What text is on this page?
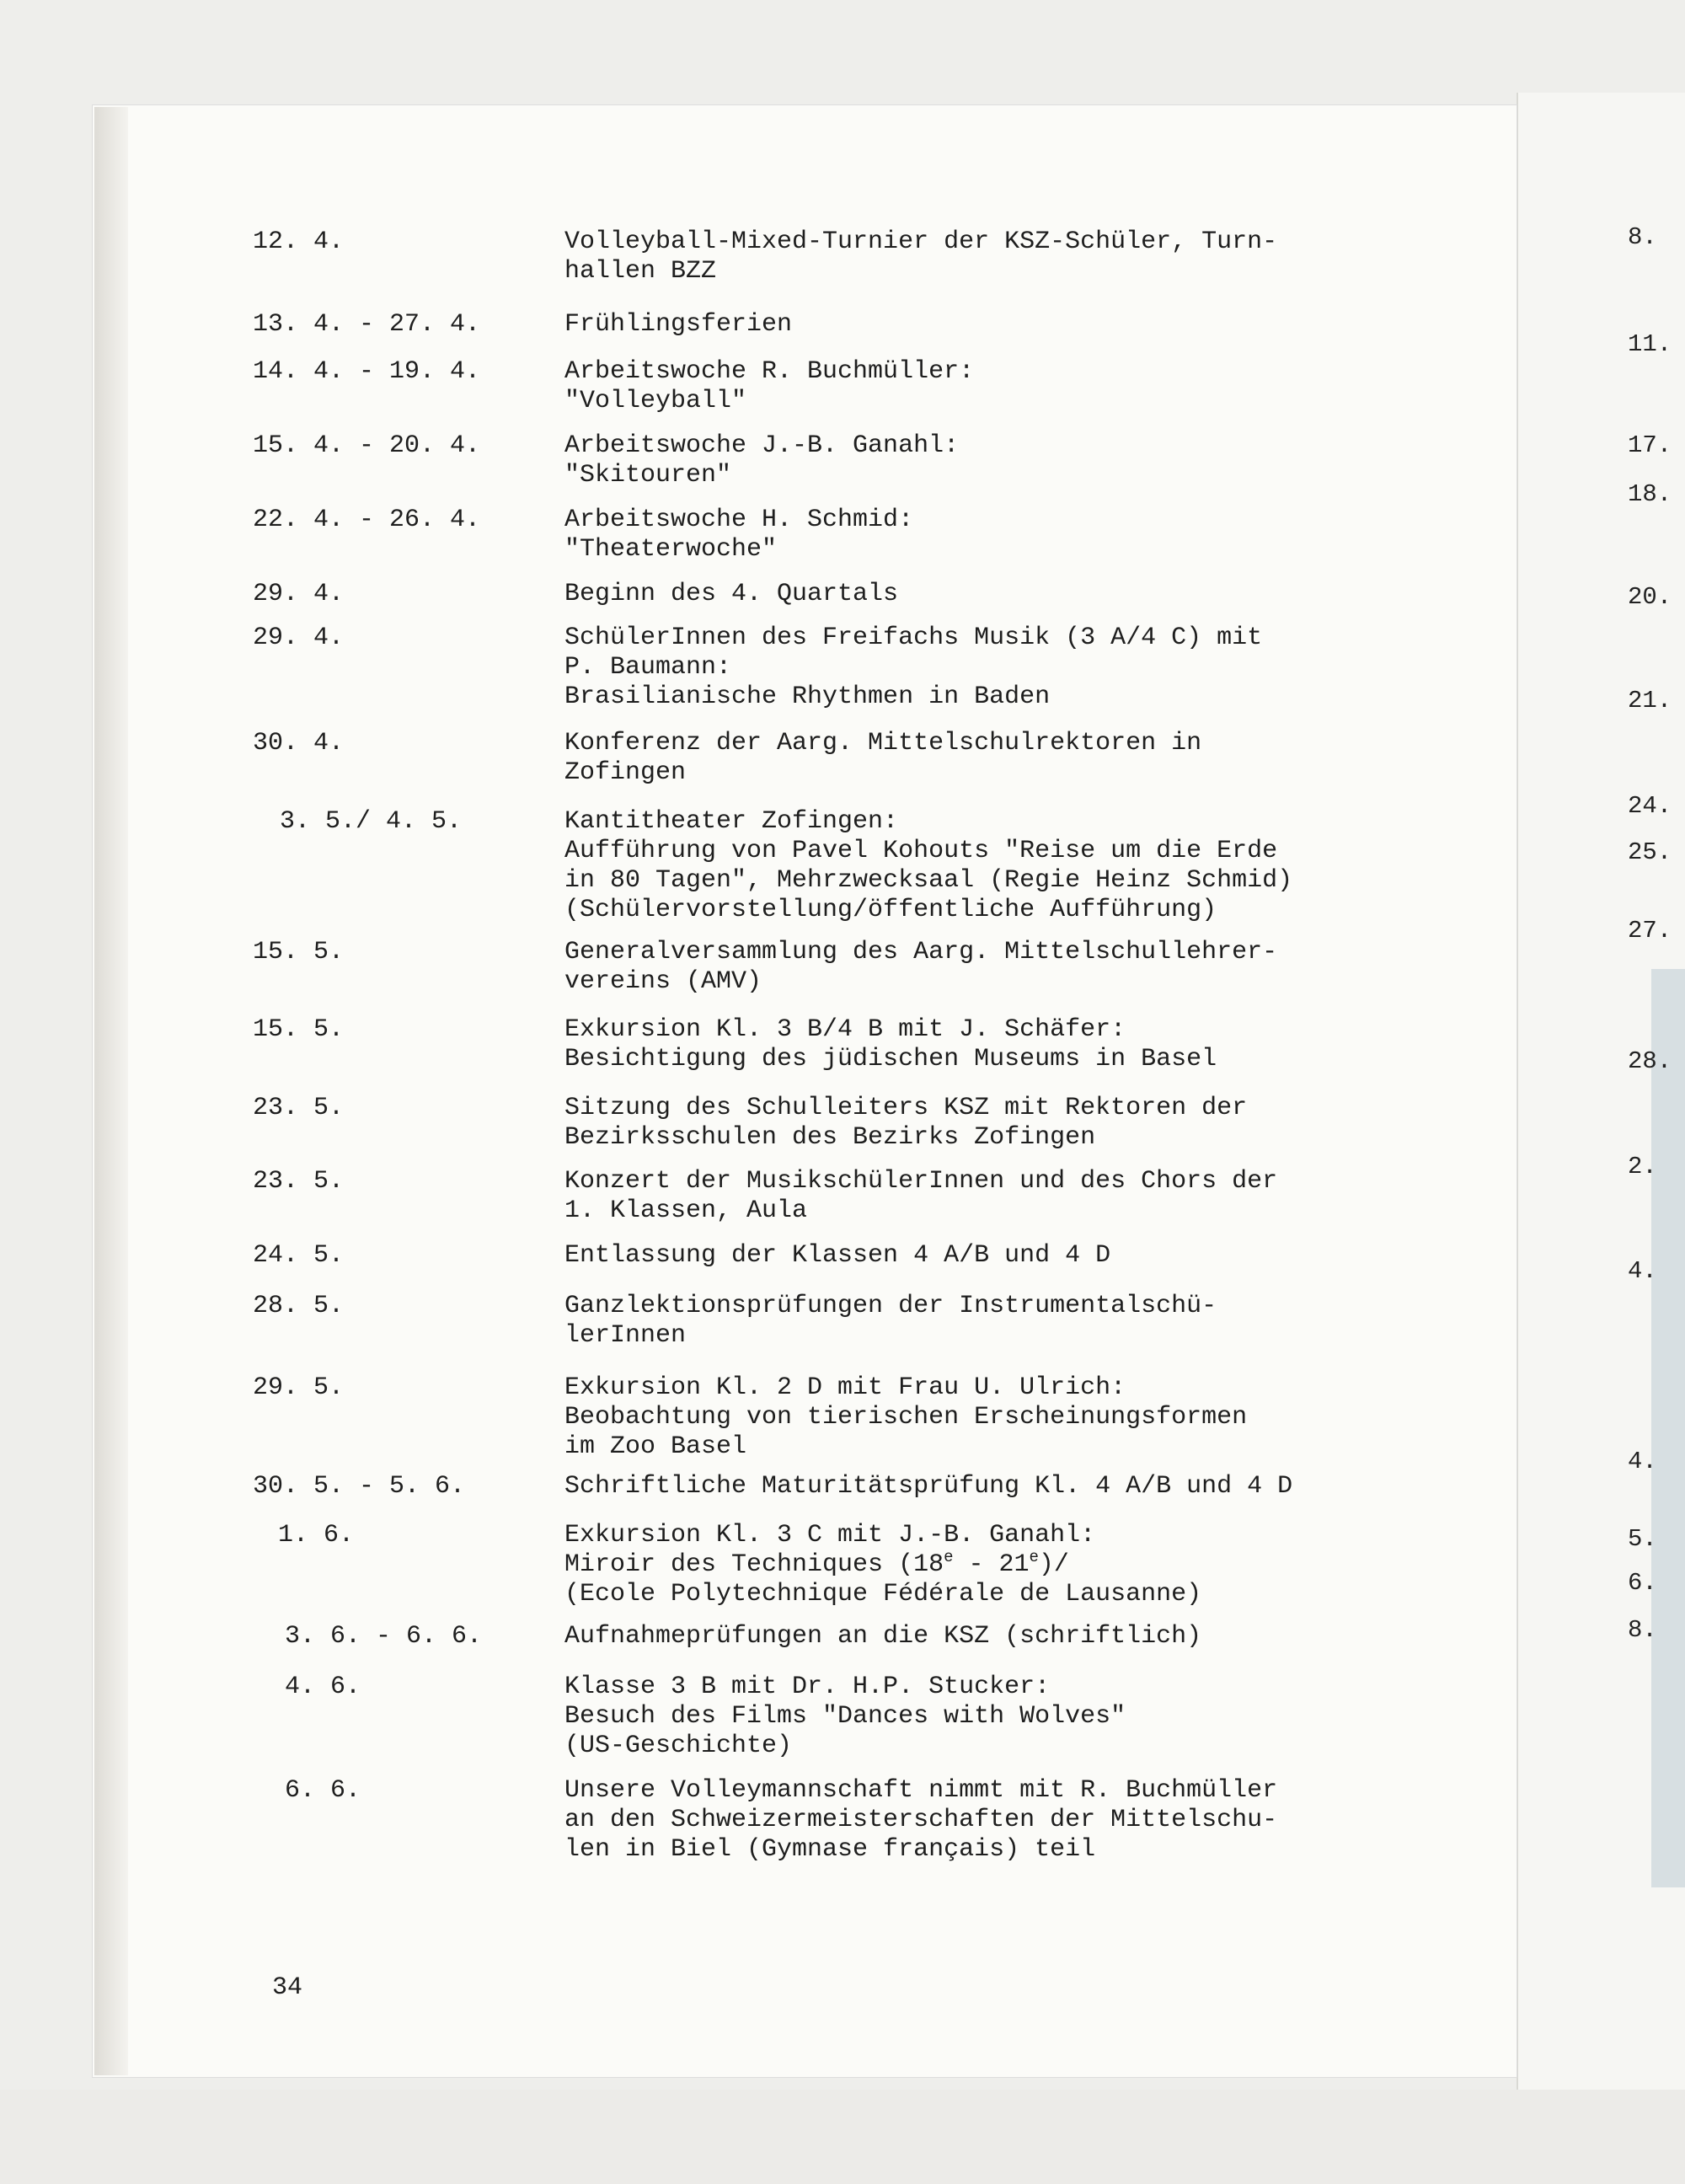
8.
11.
17.
18.
20.
21.
24.
25.
27.
28.
2.
4.
4.
5.
6.
8.
12. 4.	Volleyball-Mixed-Turnier der KSZ-Schüler, Turn-
hallen BZZ
13. 4. - 27. 4.	Frühlingsferien
14. 4. - 19. 4.	Arbeitswoche R. Buchmüller:
"Volleyball"
15. 4. - 20. 4.	Arbeitswoche J.-B. Ganahl:
"Skitouren"
22. 4. - 26. 4.	Arbeitswoche H. Schmid:
"Theaterwoche"
29. 4.	Beginn des 4. Quartals
29. 4.	SchülerInnen des Freifachs Musik (3 A/4 C) mit
P. Baumann:
Brasilianische Rhythmen in Baden
30. 4.	Konferenz der Aarg. Mittelschulrektoren in
Zofingen
3. 5./ 4. 5.	Kantitheater Zofingen:
Aufführung von Pavel Kohouts "Reise um die Erde
in 80 Tagen", Mehrzwecksaal (Regie Heinz Schmid)
(Schülervorstellung/öffentliche Aufführung)
15. 5.	Generalversammlung des Aarg. Mittelschullehrer-
vereins (AMV)
15. 5.	Exkursion Kl. 3 B/4 B mit J. Schäfer:
Besichtigung des jüdischen Museums in Basel
23. 5.	Sitzung des Schulleiters KSZ mit Rektoren der
Bezirksschulen des Bezirks Zofingen
23. 5.	Konzert der MusikschülerInnen und des Chors der
1. Klassen, Aula
24. 5.	Entlassung der Klassen 4 A/B und 4 D
28. 5.	Ganzlektionsprüfungen der Instrumentalschü-
lerInnen
29. 5.	Exkursion Kl. 2 D mit Frau U. Ulrich:
Beobachtung von tierischen Erscheinungsformen
im Zoo Basel
30. 5. - 5. 6.	Schriftliche Maturitätsprüfung Kl. 4 A/B und 4 D
1. 6.	Exkursion Kl. 3 C mit J.-B. Ganahl:
Miroir des Techniques (18e - 21e)/
(Ecole Polytechnique Fédérale de Lausanne)
3. 6. - 6. 6.	Aufnahmeprüfungen an die KSZ (schriftlich)
4. 6.	Klasse 3 B mit Dr. H.P. Stucker:
Besuch des Films "Dances with Wolves"
(US-Geschichte)
6. 6.	Unsere Volleymannschaft nimmt mit R. Buchmüller
an den Schweizermeisterschaften der Mittelschu-
len in Biel (Gymnase français) teil
34
